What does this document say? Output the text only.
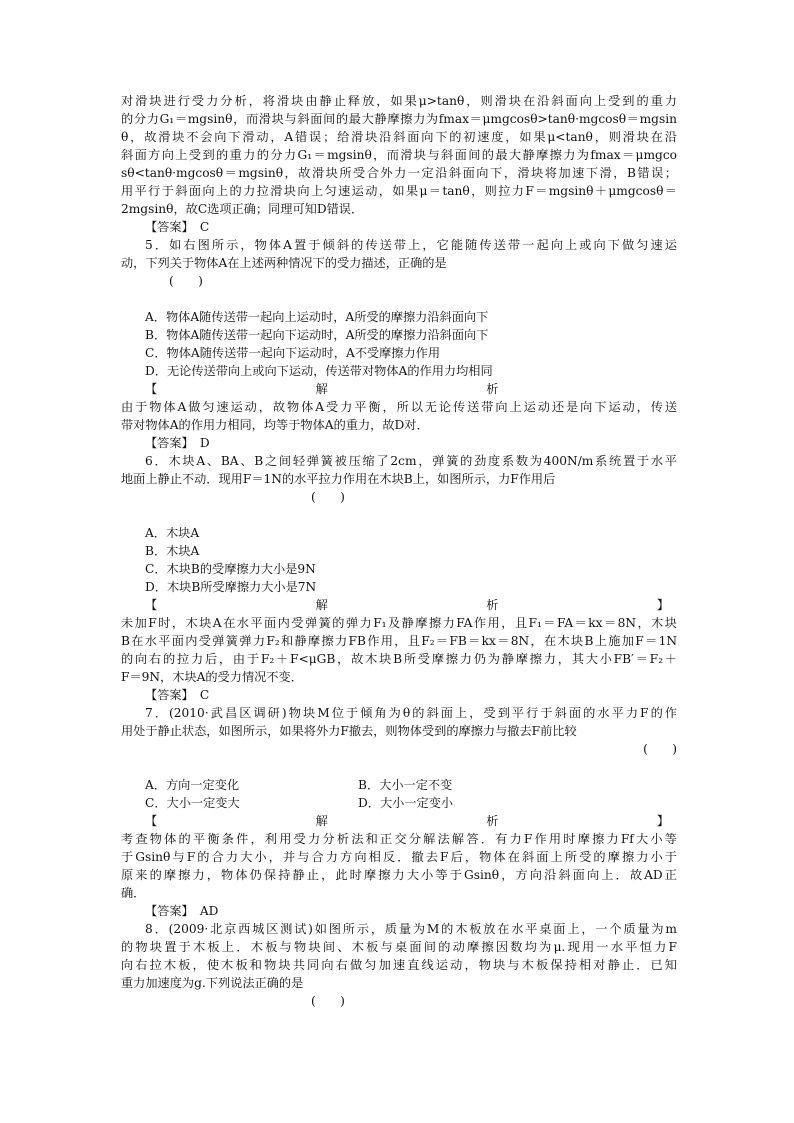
对滑块进行受力分析，将滑块由静止释放，如果μ>tanθ，则滑块在沿斜面向上受到的重力
的分力G₁＝mgsinθ，而滑块与斜面间的最大静摩擦力为fmax＝μmgcosθ>tanθ·mgcosθ＝mgsin
θ，故滑块不会向下滑动，A错误；给滑块沿斜面向下的初速度，如果μ<tanθ，则滑块在沿
斜面方向上受到的重力的分力G₁＝mgsinθ，而滑块与斜面间的最大静摩擦力为fmax＝μmgco
sθ<tanθ·mgcosθ＝mgsinθ，故滑块所受合外力一定沿斜面向下，滑块将加速下滑，B错误；
用平行于斜面向上的力拉滑块向上匀速运动，如果μ＝tanθ，则拉力F＝mgsinθ＋μmgcosθ＝
2mgsinθ，故C选项正确；同理可知D错误．
【答案】　C
5．如右图所示，物体A置于倾斜的传送带上，它能随传送带一起向上或向下做匀速运
动，下列关于物体A在上述两种情况下的受力描述，正确的是
(　　)
A．物体A随传送带一起向上运动时，A所受的摩擦力沿斜面向下
B．物体A随传送带一起向下运动时，A所受的摩擦力沿斜面向下
C．物体A随传送带一起向下运动时，A不受摩擦力作用
D．无论传送带向上或向下运动，传送带对物体A的作用力均相同
【　　　　　　　　　　　　　解　　　　　　　　　　　　　析
由于物体A做匀速运动，故物体A受力平衡，所以无论传送带向上运动还是向下运动，传送
带对物体A的作用力相同，均等于物体A的重力，故D对．
【答案】　D
6．木块A、BA、B之间轻弹簧被压缩了2cm，弹簧的劲度系数为400N/m系统置于水平
地面上静止不动．现用F＝1N的水平拉力作用在木块B上，如图所示，力F作用后
(　　)
A．木块A
B．木块A
C．木块B的受摩擦力大小是9N
D．木块B所受摩擦力大小是7N
【　　　　　　　　　　　　　解　　　　　　　　　　　　　析　　　　　　　　　　　　　】
未加F时，木块A在水平面内受弹簧的弹力F₁及静摩擦力FA作用，且F₁＝FA＝kx＝8N，木块
B在水平面内受弹簧弹力F₂和静摩擦力FB作用，且F₂＝FB＝kx＝8N，在木块B上施加F＝1N
的向右的拉力后，由于F₂＋F<μGB，故木块B所受摩擦力仍为静摩擦力，其大小FB′＝F₂＋
F＝9N，木块A的受力情况不变．
【答案】　C
7．(2010·武昌区调研)物块M位于倾角为θ的斜面上，受到平行于斜面的水平力F的作
用处于静止状态，如图所示，如果将外力F撤去，则物体受到的摩擦力与撤去F前比较
(　　)
A．方向一定变化	B．大小一定不变
C．大小一定变大	D．大小一定变小
【　　　　　　　　　　　　　解　　　　　　　　　　　　　析　　　　　　　　　　　　　】
考查物体的平衡条件，利用受力分析法和正交分解法解答．有力F作用时摩擦力Ff大小等
于Gsinθ与F的合力大小，并与合力方向相反．撤去F后，物体在斜面上所受的摩擦力小于
原来的摩擦力，物体仍保持静止，此时摩擦力大小等于Gsinθ，方向沿斜面向上．故AD正
确．
【答案】　AD
8．(2009·北京西城区测试)如图所示，质量为M的木板放在水平桌面上，一个质量为m
的物块置于木板上．木板与物块间、木板与桌面间的动摩擦因数均为μ.现用一水平恒力F
向右拉木板，使木板和物块共同向右做匀加速直线运动，物块与木板保持相对静止．已知
重力加速度为g.下列说法正确的是
(　　)
